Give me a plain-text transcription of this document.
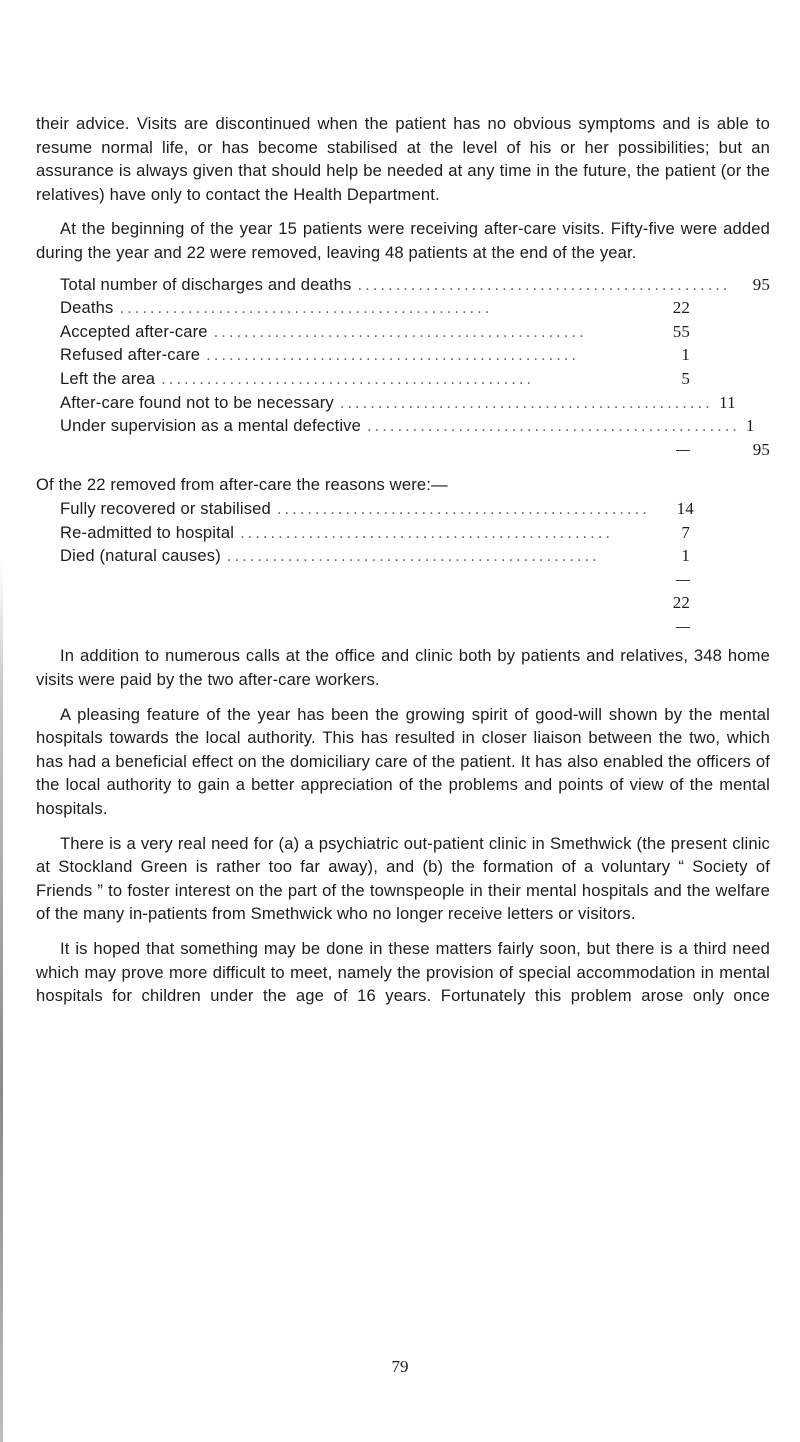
their advice. Visits are discontinued when the patient has no obvious symptoms and is able to resume normal life, or has become stabilised at the level of his or her possibilities; but an assurance is always given that should help be needed at any time in the future, the patient (or the relatives) have only to contact the Health Department.

At the beginning of the year 15 patients were receiving after-care visits. Fifty-five were added during the year and 22 were removed, leaving 48 patients at the end of the year.

Total number of discharges and deaths .................................................	95
Deaths .................................................	22
Accepted after-care .................................................	55
Refused after-care .................................................	1
Left the area .................................................	5
After-care found not to be necessary ................................................. 11
Under supervision as a mental defective ................................................. 1
95
Of the 22 removed from after-care the reasons were:—
Fully recovered or stabilised .................................................	14
Re-admitted to hospital .................................................	7
Died (natural causes) .................................................	1
22

In addition to numerous calls at the office and clinic both by patients and relatives, 348 home visits were paid by the two after-care workers.

A pleasing feature of the year has been the growing spirit of good-will shown by the mental hospitals towards the local authority. This has resulted in closer liaison between the two, which has had a beneficial effect on the domiciliary care of the patient. It has also enabled the officers of the local authority to gain a better appreciation of the problems and points of view of the mental hospitals.

There is a very real need for (a) a psychiatric out-patient clinic in Smethwick (the present clinic at Stockland Green is rather too far away), and (b) the formation of a voluntary “ Society of Friends ” to foster interest on the part of the townspeople in their mental hospitals and the welfare of the many in-patients from Smethwick who no longer receive letters or visitors.

It is hoped that something may be done in these matters fairly soon, but there is a third need which may prove more difficult to meet, namely the provision of special accommodation in mental hospitals for children under the age of 16 years. Fortunately this problem arose only once

79
